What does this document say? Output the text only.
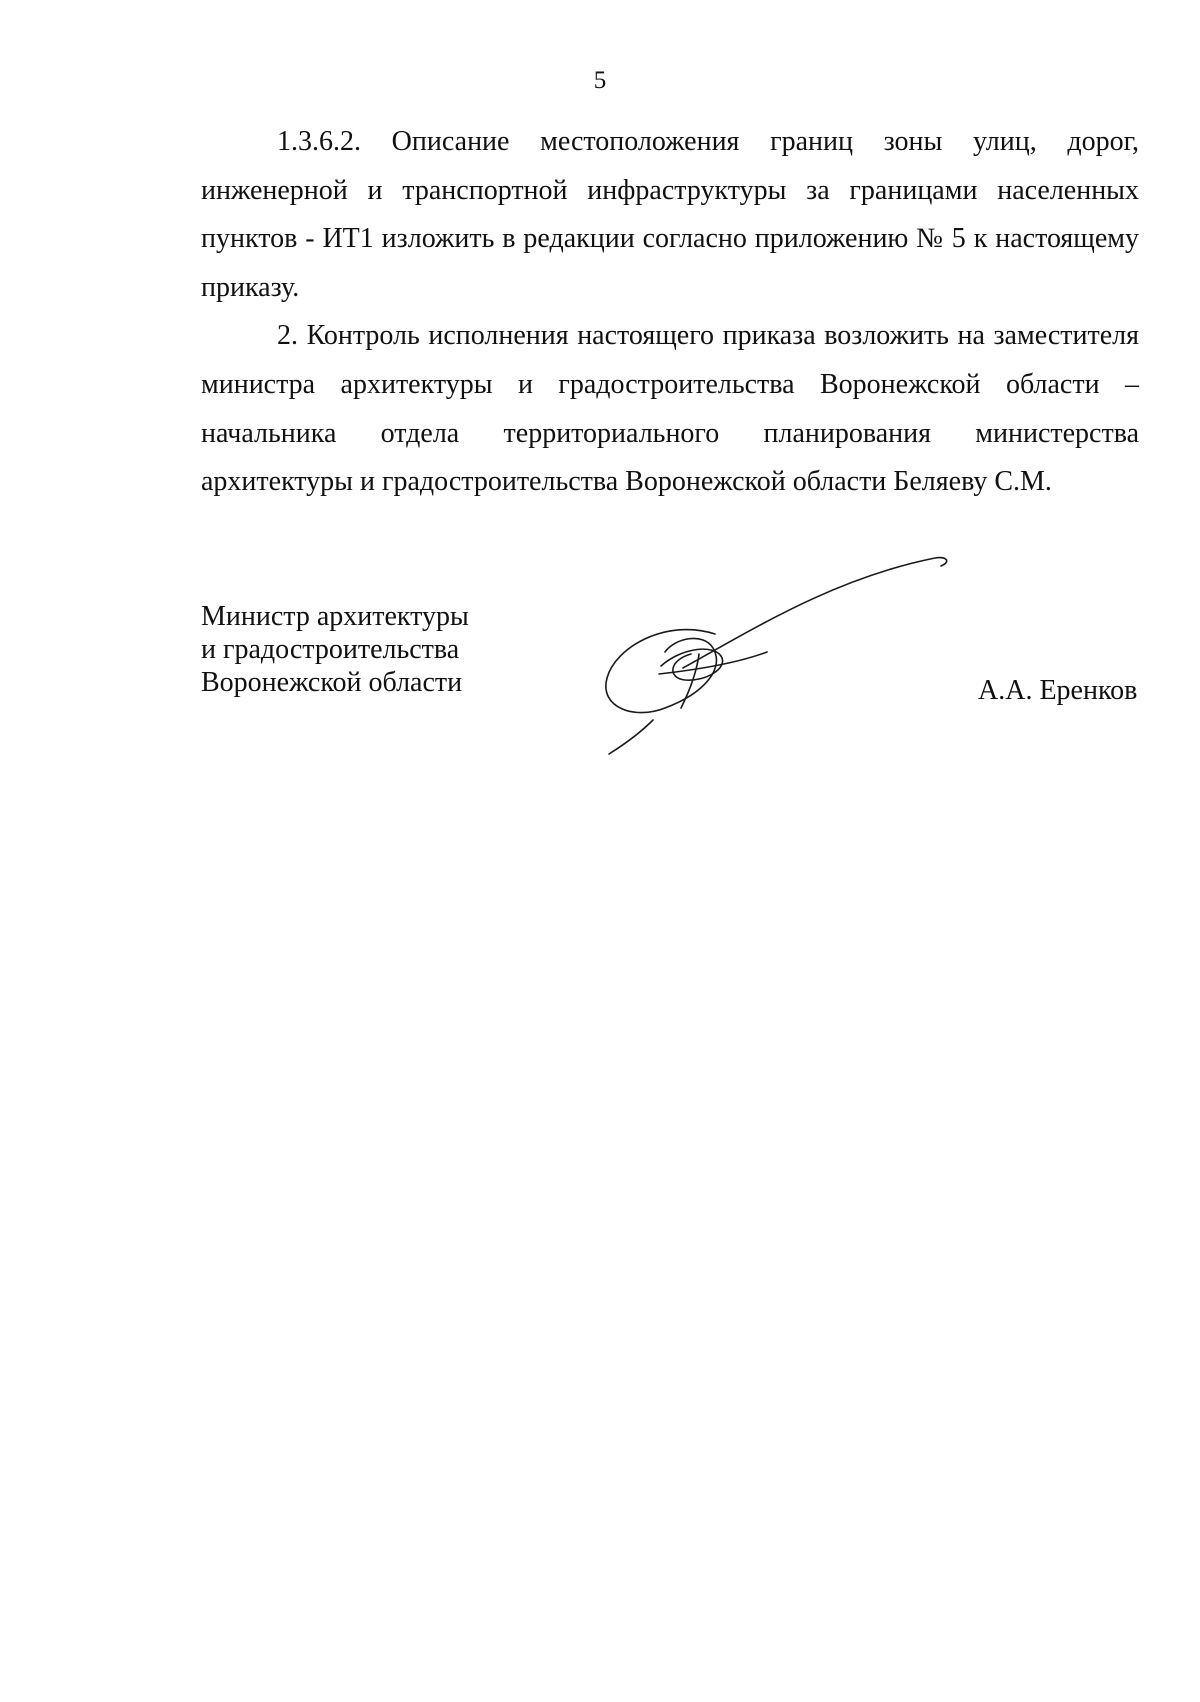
5

1.3.6.2. Описание местоположения границ зоны улиц, дорог, инженерной и транспортной инфраструктуры за границами населенных пунктов - ИТ1 изложить в редакции согласно приложению № 5 к настоящему приказу.

2. Контроль исполнения настоящего приказа возложить на заместителя министра архитектуры и градостроительства Воронежской области – начальника отдела территориального планирования министерства архитектуры и градостроительства Воронежской области Беляеву С.М.

Министр архитектуры
и градостроительства
Воронежской области	А.А. Еренков
